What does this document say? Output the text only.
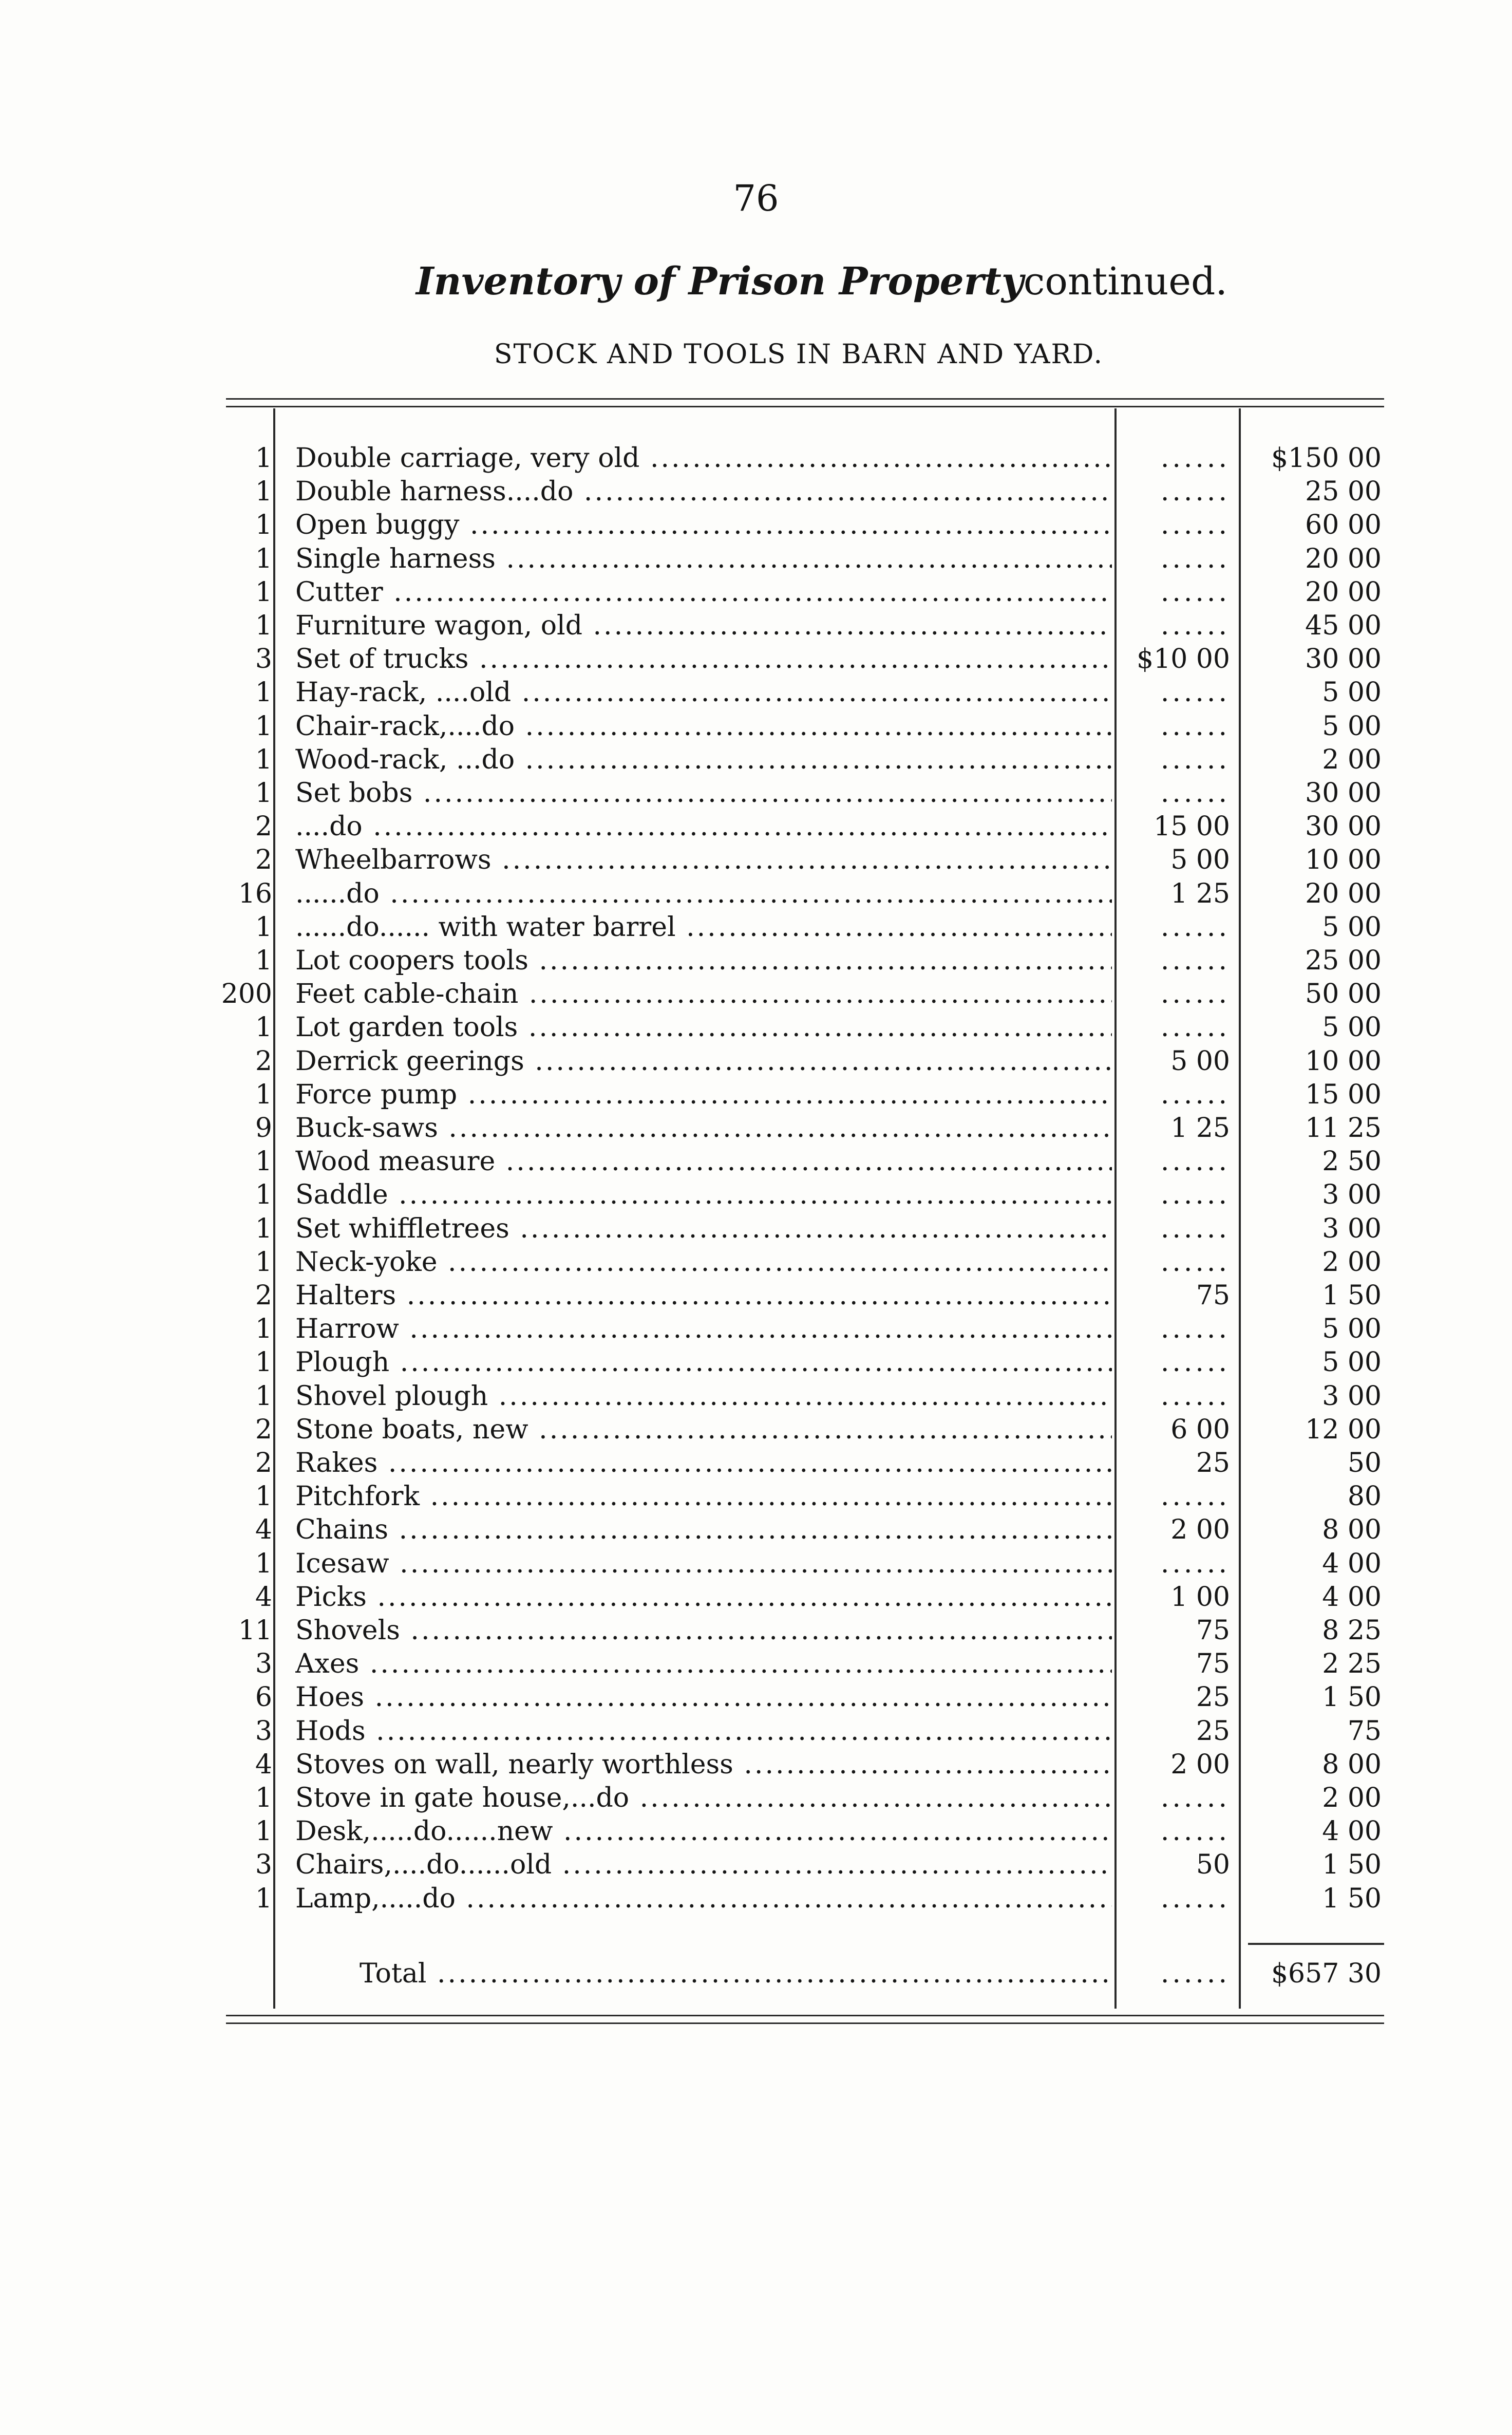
76
Inventory of Prison Propertycontinued.
STOCK AND TOOLS IN BARN AND YARD.
1 Double carriage, very old ..... ......	$150 00
1 Double harness....do ..... ......	25 00
1 Open buggy ..... ......	60 00
1 Single harness ..... ......	20 00
1 Cutter ..... ......	20 00
1 Furniture wagon, old ..... ......	45 00
3 Set of trucks .....	$10 00	30 00
1 Hay-rack, ....old ..... ......	5 00
1 Chair-rack,....do ..... ......	5 00
1 Wood-rack, ...do ..... ......	2 00
1 Set bobs ..... ......	30 00
2 ....do .....	15 00	30 00
2 Wheelbarrows .....	5 00	10 00
16 ......do .....	1 25	20 00
1 ......do...... with water barrel ..... ......	5 00
1 Lot coopers tools ..... ......	25 00
200 Feet cable-chain ..... ......	50 00
1 Lot garden tools ..... ......	5 00
2 Derrick geerings .....	5 00	10 00
1 Force pump ..... ......	15 00
9 Buck-saws .....	1 25	11 25
1 Wood measure ..... ......	2 50
1 Saddle ..... ......	3 00
1 Set whiffletrees ..... ......	3 00
1 Neck-yoke ..... ......	2 00
2 Halters .....	75	1 50
1 Harrow ..... ......	5 00
1 Plough ..... ......	5 00
1 Shovel plough ..... ......	3 00
2 Stone boats, new .....	6 00	12 00
2 Rakes .....	25	50
1 Pitchfork ..... ......	80
4 Chains .....	2 00	8 00
1 Icesaw ..... ......	4 00
4 Picks .....	1 00	4 00
11 Shovels .....	75	8 25
3 Axes .....	75	2 25
6 Hoes .....	25	1 50
3 Hods .....	25	75
4 Stoves on wall, nearly worthless .....	2 00	8 00
1 Stove in gate house,...do ..... ......	2 00
1 Desk,.....do......new ..... ......	4 00
3 Chairs,....do......old .....	50	1 50
1 Lamp,.....do ..... ......	1 50
Total ..... ......	$657 30
